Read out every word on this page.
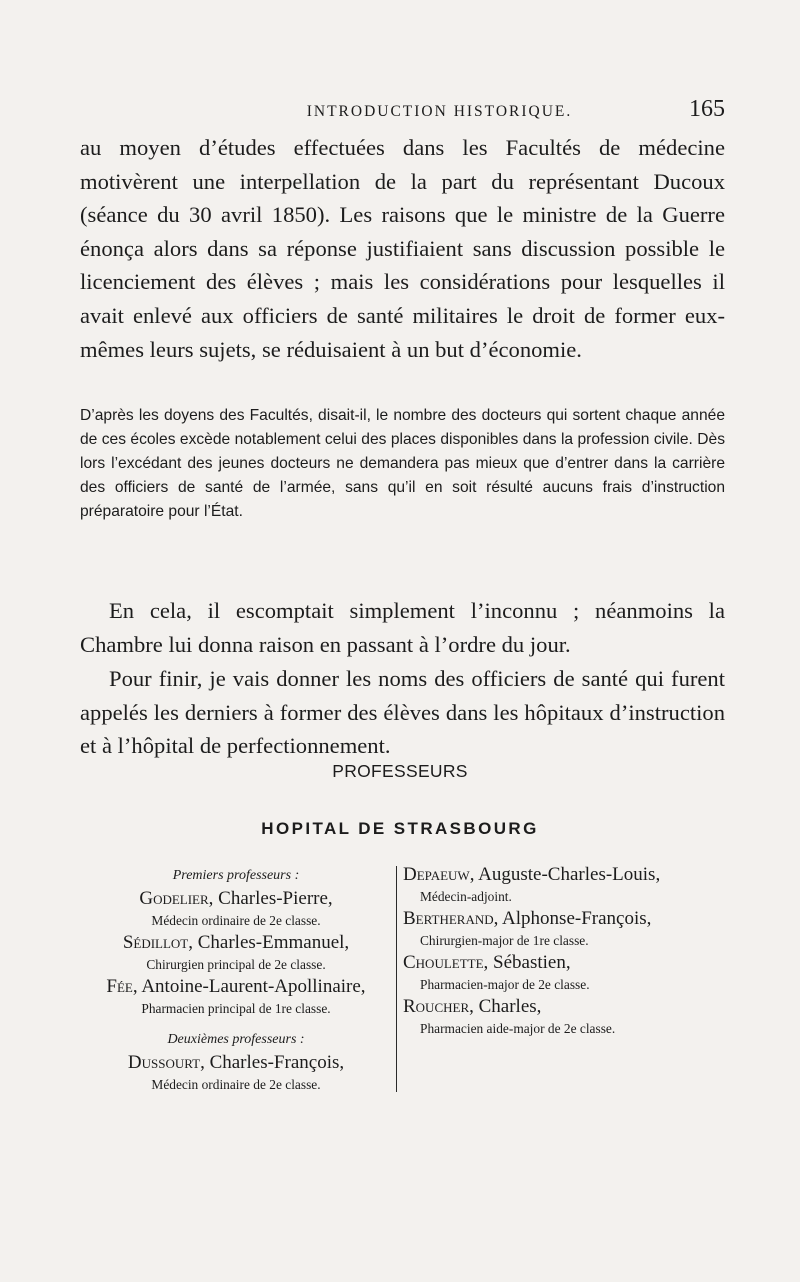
INTRODUCTION HISTORIQUE.	165

au moyen d’études effectuées dans les Facultés de médecine motivèrent une interpellation de la part du représentant Ducoux (séance du 30 avril 1850). Les raisons que le ministre de la Guerre énonça alors dans sa réponse justifiaient sans discussion possible le licenciement des élèves ; mais les considérations pour lesquelles il avait enlevé aux officiers de santé militaires le droit de former eux-mêmes leurs sujets, se réduisaient à un but d’économie.

D’après les doyens des Facultés, disait-il, le nombre des docteurs qui sortent chaque année de ces écoles excède notablement celui des places disponibles dans la profession civile. Dès lors l’excédant des jeunes docteurs ne demandera pas mieux que d’entrer dans la carrière des officiers de santé de l’armée, sans qu’il en soit résulté aucuns frais d’instruction préparatoire pour l’État.

En cela, il escomptait simplement l’inconnu ; néanmoins la Chambre lui donna raison en passant à l’ordre du jour.

Pour finir, je vais donner les noms des officiers de santé qui furent appelés les derniers à former des élèves dans les hôpitaux d’instruction et à l’hôpital de perfectionnement.

PROFESSEURS
HOPITAL DE STRASBOURG

Premiers professeurs :

Godelier, Charles-Pierre,
Médecin ordinaire de 2e classe.
Sédillot, Charles-Emmanuel,
Chirurgien principal de 2e classe.
Fée, Antoine-Laurent-Apollinaire,
Pharmacien principal de 1re classe.

Deuxièmes professeurs :

Dussourt, Charles-François,
Médecin ordinaire de 2e classe.
Depaeuw, Auguste-Charles-Louis,
Médecin-adjoint.
Bertherand, Alphonse-François,
Chirurgien-major de 1re classe.
Choulette, Sébastien,
Pharmacien-major de 2e classe.
Roucher, Charles,
Pharmacien aide-major de 2e classe.
